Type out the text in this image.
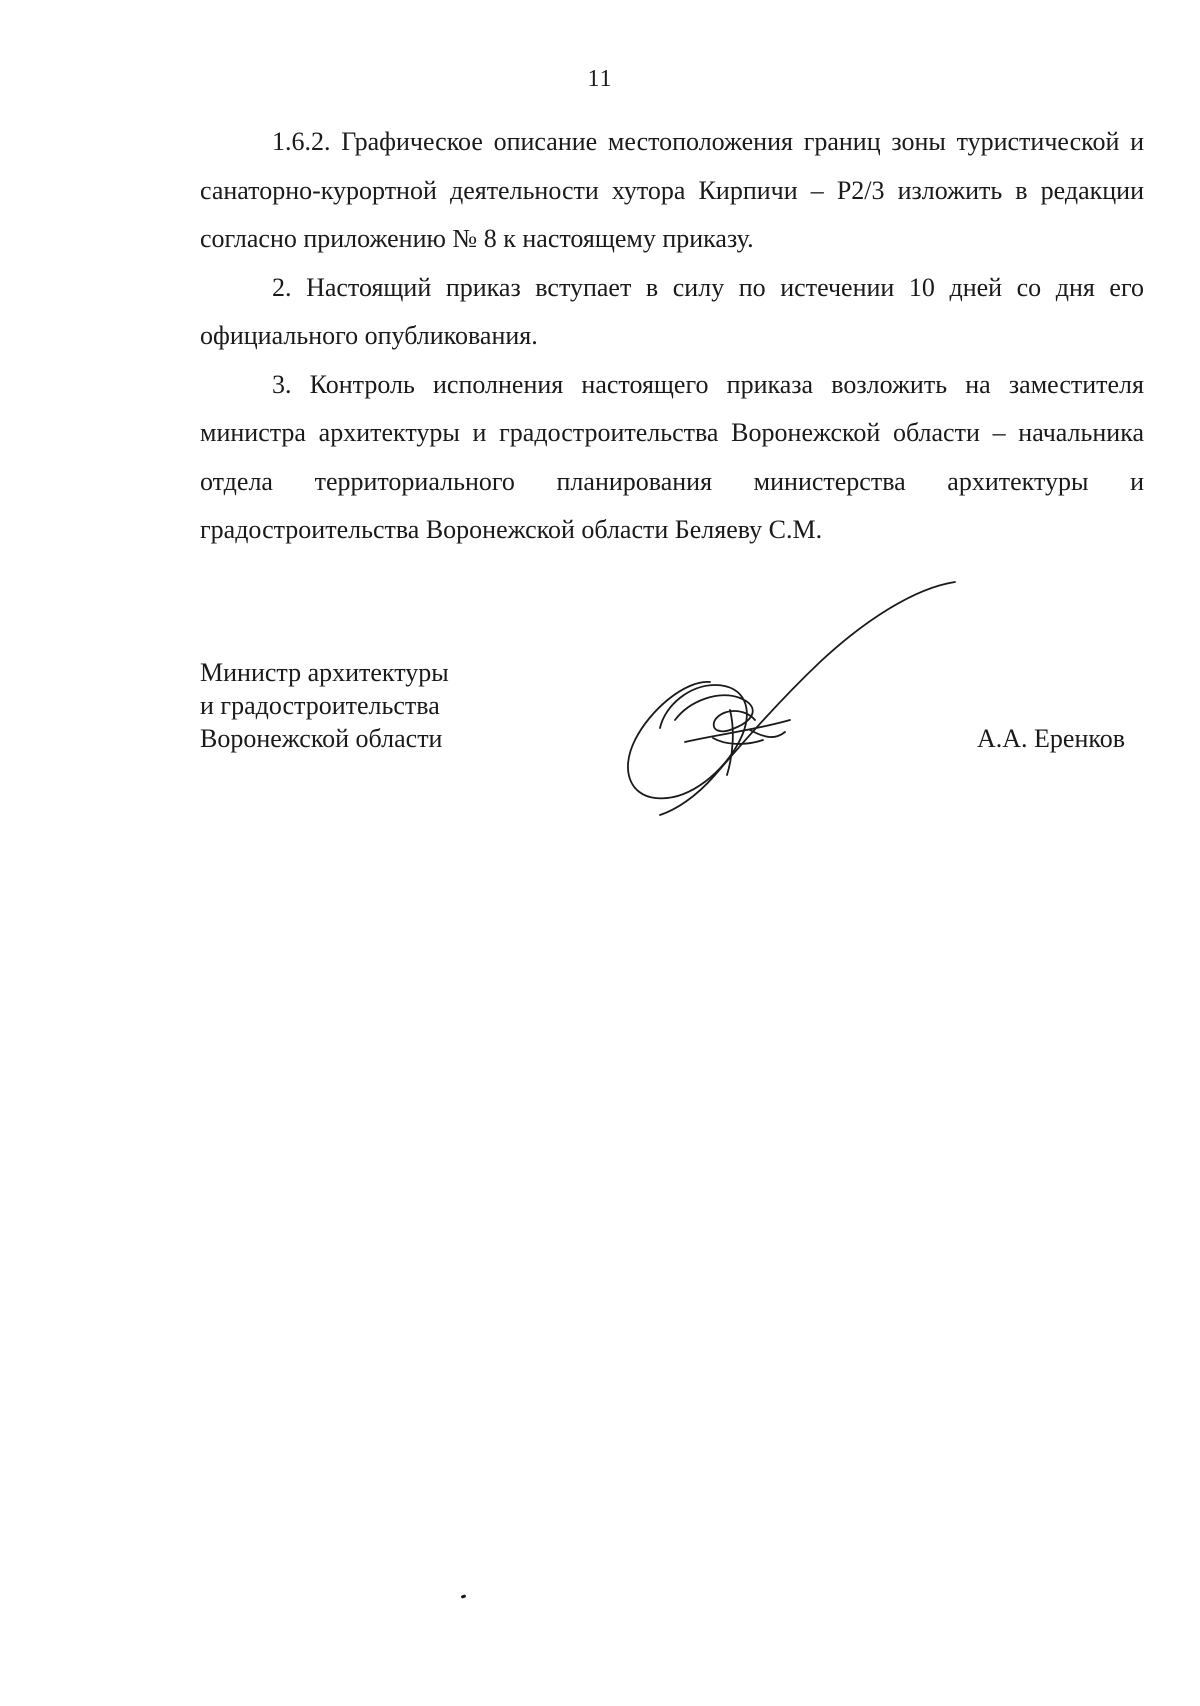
11

1.6.2. Графическое описание местоположения границ зоны туристической и санаторно-курортной деятельности хутора Кирпичи – Р2/3 изложить в редакции согласно приложению № 8 к настоящему приказу.

2. Настоящий приказ вступает в силу по истечении 10 дней со дня его официального опубликования.

3. Контроль исполнения настоящего приказа возложить на заместителя министра архитектуры и градостроительства Воронежской области – начальника отдела территориального планирования министерства архитектуры и градостроительства Воронежской области Беляеву С.М.

Министр архитектуры
и градостроительства
Воронежской области	А.А. Еренков
